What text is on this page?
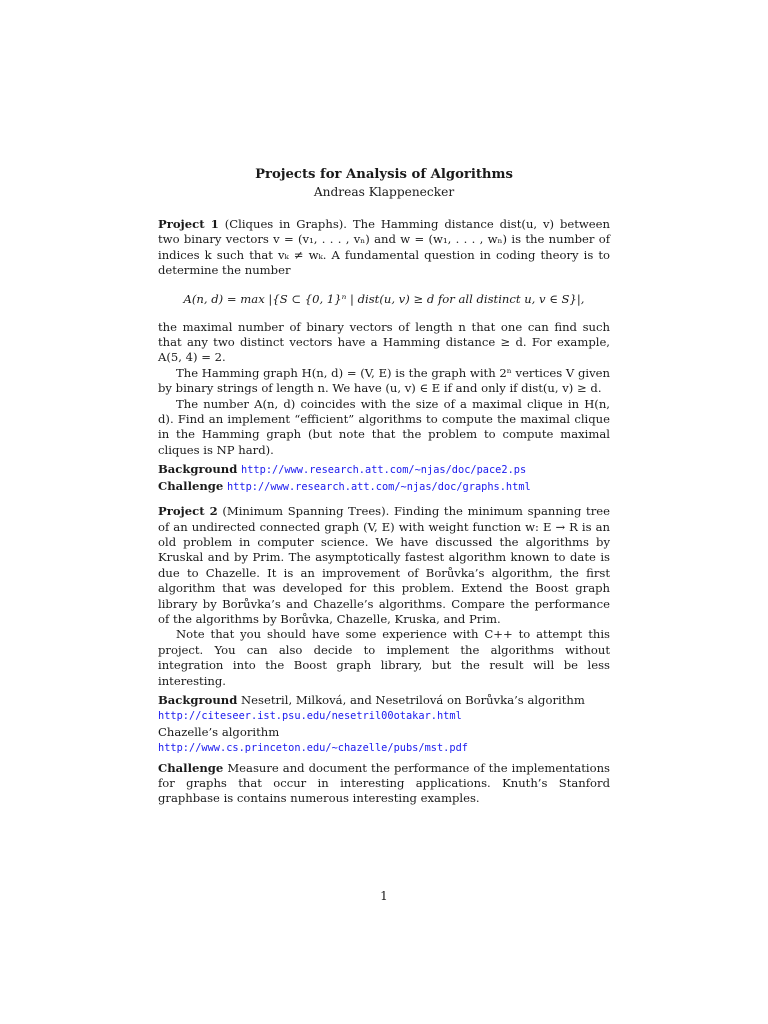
Projects for Analysis of Algorithms

Andreas Klappenecker

Project 1 (Cliques in Graphs). The Hamming distance dist(u, v) between two binary vectors v = (v₁, . . . , vₙ) and w = (w₁, . . . , wₙ) is the number of indices k such that vₖ ≠ wₖ. A fundamental question in coding theory is to determine the number

A(n, d) = max |{S ⊂ {0, 1}ⁿ | dist(u, v) ≥ d for all distinct u, v ∈ S}|,

the maximal number of binary vectors of length n that one can find such that any two distinct vectors have a Hamming distance ≥ d. For example, A(5, 4) = 2.

The Hamming graph H(n, d) = (V, E) is the graph with 2ⁿ vertices V given by binary strings of length n. We have (u, v) ∈ E if and only if dist(u, v) ≥ d.

The number A(n, d) coincides with the size of a maximal clique in H(n, d). Find an implement “efficient” algorithms to compute the maximal clique in the Hamming graph (but note that the problem to compute maximal cliques is NP hard).

Background http://www.research.att.com/~njas/doc/pace2.ps

Challenge http://www.research.att.com/~njas/doc/graphs.html

Project 2 (Minimum Spanning Trees). Finding the minimum spanning tree of an undirected connected graph (V, E) with weight function w: E → R is an old problem in computer science. We have discussed the algorithms by Kruskal and by Prim. The asymptotically fastest algorithm known to date is due to Chazelle. It is an improvement of Borůvka’s algorithm, the first algorithm that was developed for this problem. Extend the Boost graph library by Borůvka’s and Chazelle’s algorithms. Compare the performance of the algorithms by Borůvka, Chazelle, Kruska, and Prim.

Note that you should have some experience with C++ to attempt this project. You can also decide to implement the algorithms without integration into the Boost graph library, but the result will be less interesting.

Background Nesetril, Milková, and Nesetrilová on Borůvka’s algorithm

http://citeseer.ist.psu.edu/nesetril00otakar.html

Chazelle’s algorithm

http://www.cs.princeton.edu/~chazelle/pubs/mst.pdf

Challenge Measure and document the performance of the implementations for graphs that occur in interesting applications. Knuth’s Stanford graphbase is contains numerous interesting examples.

1
